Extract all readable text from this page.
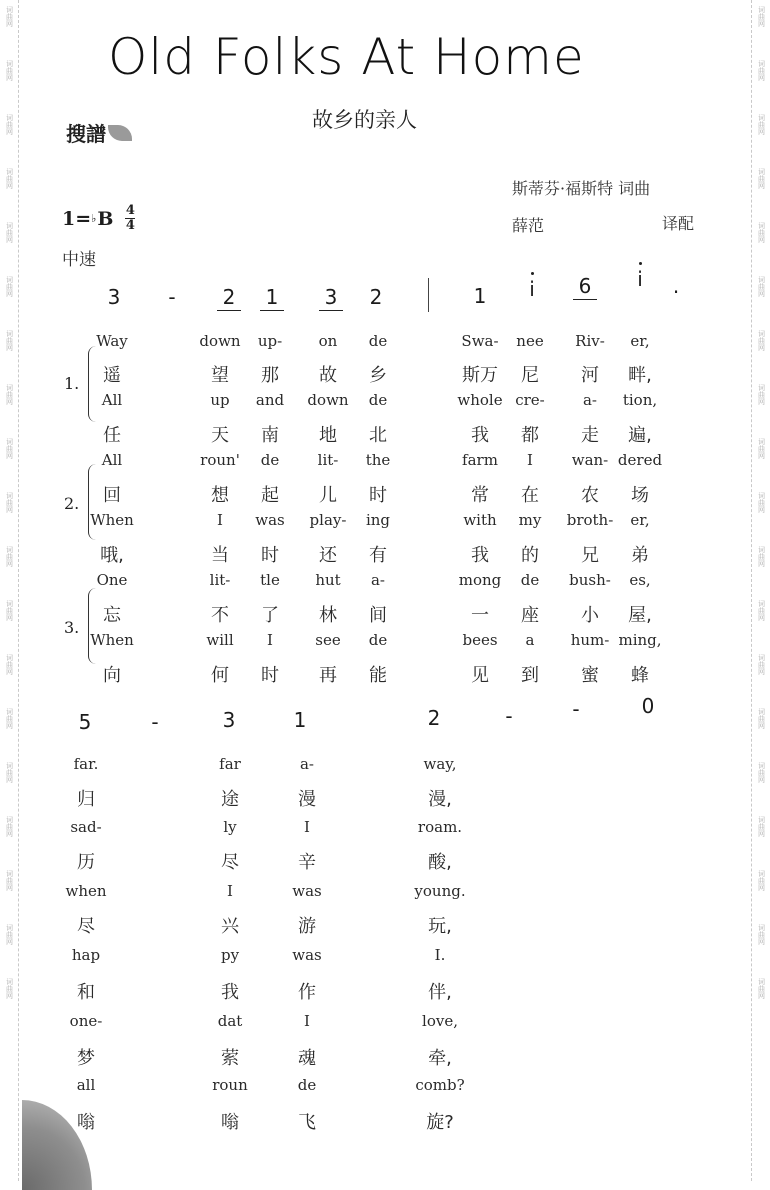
词曲网
词曲网
词曲网
词曲网
词曲网
词曲网
词曲网
词曲网
词曲网
词曲网
词曲网
词曲网
词曲网
词曲网
词曲网
词曲网
词曲网
词曲网
词曲网
词曲网
词曲网
词曲网
词曲网
词曲网
词曲网
词曲网
词曲网
词曲网
词曲网
词曲网
词曲网
词曲网
词曲网
词曲网
词曲网
词曲网
词曲网
词曲网
Old Folks At Home
故乡的亲人
搜譜
斯蒂芬·福斯特 词曲
薛范	译配
1= ♭ B 4
4
中速
3	-	2 1 3 2	1	i	6	i	.
5	-	3	1	2	-	-	0
Way	down up- on de	Swa- nee Riv- er,
遥	望 那 故 乡	斯万 尼 河 畔,
All	up and down de	whole cre-	a- tion,
任	天 南 地 北	我 都 走 遍,
All	roun' de	lit- the	farm I	wan- dered
回	想 起 儿 时	常 在 农 场
When	I was play- ing	with my broth- er,
哦,	当 时 还 有	我 的 兄 弟
One	lit- tle hut a-	mong de bush- es,
忘	不 了 林 间	一 座 小 屋,
When	will I	see de	bees a hum- ming,
向	何 时 再 能	见 到 蜜 蜂
far.	far	a-	way,
归	途	漫	漫,
sad-	ly	I	roam.
历	尽	辛	酸,
when	I	was	young.
尽	兴	游	玩,
hap	py	was	I.
和	我	作	伴,
one-	dat	I	love,
梦	萦	魂	牵,
all	roun	de	comb?
嗡	嗡	飞	旋?
1.
2.
3.
